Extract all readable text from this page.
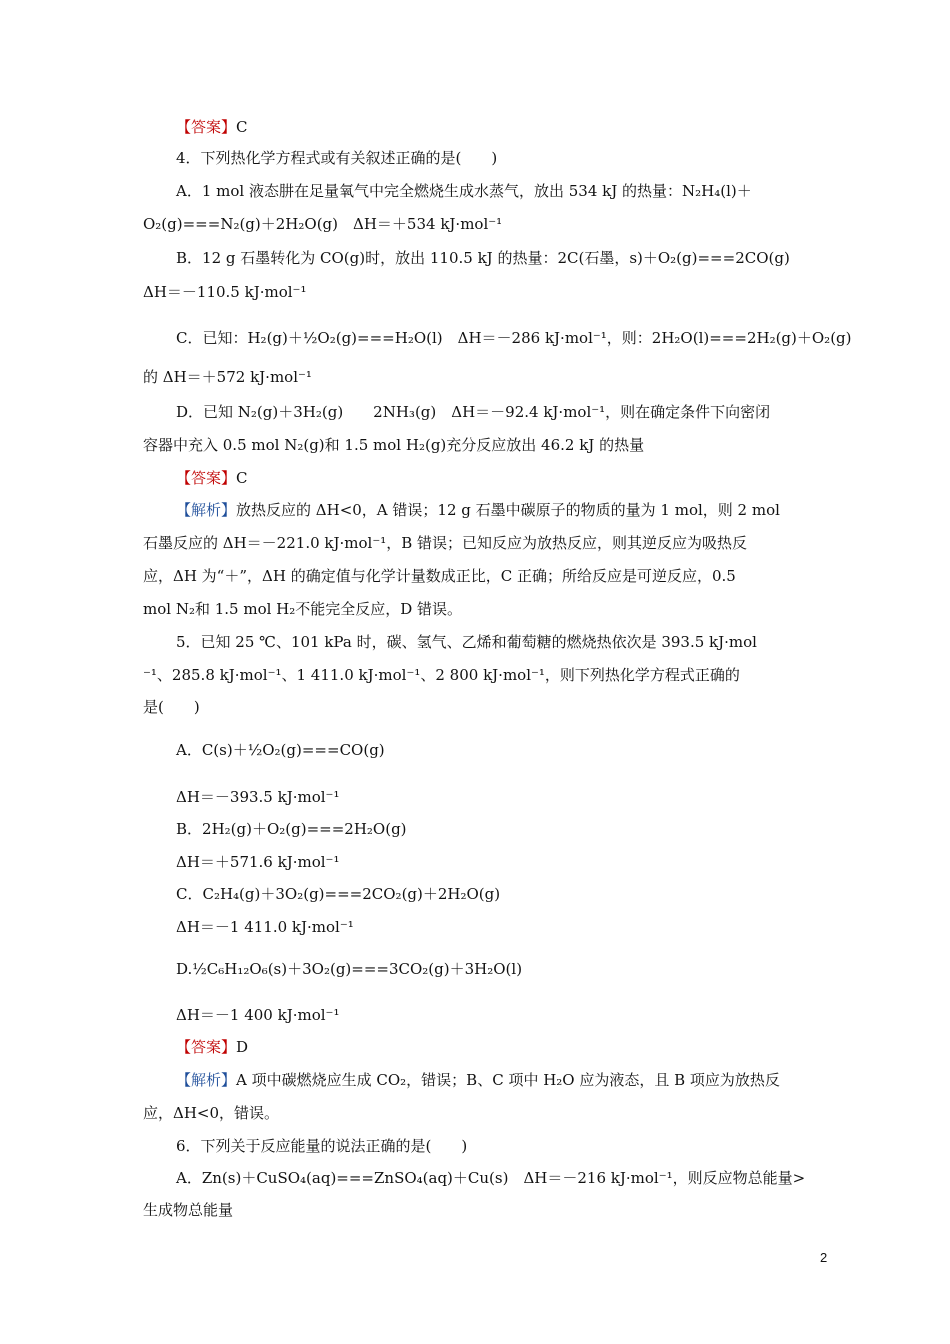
【答案】C
4．下列热化学方程式或有关叙述正确的是(　　)
A．1 mol 液态肼在足量氧气中完全燃烧生成水蒸气，放出 534 kJ 的热量：N₂H₄(l)＋
O₂(g)===N₂(g)＋2H₂O(g)　ΔH＝＋534 kJ·mol⁻¹
B．12 g 石墨转化为 CO(g)时，放出 110.5 kJ 的热量：2C(石墨，s)＋O₂(g)===2CO(g)
ΔH＝－110.5 kJ·mol⁻¹
C．已知：H₂(g)＋½O₂(g)===H₂O(l)　ΔH＝－286 kJ·mol⁻¹，则：2H₂O(l)===2H₂(g)＋O₂(g)
的 ΔH＝＋572 kJ·mol⁻¹
D．已知 N₂(g)＋3H₂(g)　　2NH₃(g)　ΔH＝－92.4 kJ·mol⁻¹，则在确定条件下向密闭
容器中充入 0.5 mol N₂(g)和 1.5 mol H₂(g)充分反应放出 46.2 kJ 的热量
【答案】C
【解析】放热反应的 ΔH<0，A 错误；12 g 石墨中碳原子的物质的量为 1 mol，则 2 mol
石墨反应的 ΔH＝－221.0 kJ·mol⁻¹，B 错误；已知反应为放热反应，则其逆反应为吸热反
应，ΔH 为“＋”，ΔH 的确定值与化学计量数成正比，C 正确；所给反应是可逆反应，0.5
mol N₂和 1.5 mol H₂不能完全反应，D 错误。
5．已知 25 ℃、101 kPa 时，碳、氢气、乙烯和葡萄糖的燃烧热依次是 393.5 kJ·mol
⁻¹、285.8 kJ·mol⁻¹、1 411.0 kJ·mol⁻¹、2 800 kJ·mol⁻¹，则下列热化学方程式正确的
是(　　)
A．C(s)＋½O₂(g)===CO(g)
ΔH＝－393.5 kJ·mol⁻¹
B．2H₂(g)＋O₂(g)===2H₂O(g)
ΔH＝＋571.6 kJ·mol⁻¹
C．C₂H₄(g)＋3O₂(g)===2CO₂(g)＋2H₂O(g)
ΔH＝－1 411.0 kJ·mol⁻¹
D.½C₆H₁₂O₆(s)＋3O₂(g)===3CO₂(g)＋3H₂O(l)
ΔH＝－1 400 kJ·mol⁻¹
【答案】D
【解析】A 项中碳燃烧应生成 CO₂，错误；B、C 项中 H₂O 应为液态，且 B 项应为放热反
应，ΔH<0，错误。
6．下列关于反应能量的说法正确的是(　　)
A．Zn(s)＋CuSO₄(aq)===ZnSO₄(aq)＋Cu(s)　ΔH＝－216 kJ·mol⁻¹，则反应物总能量>
生成物总能量
2
